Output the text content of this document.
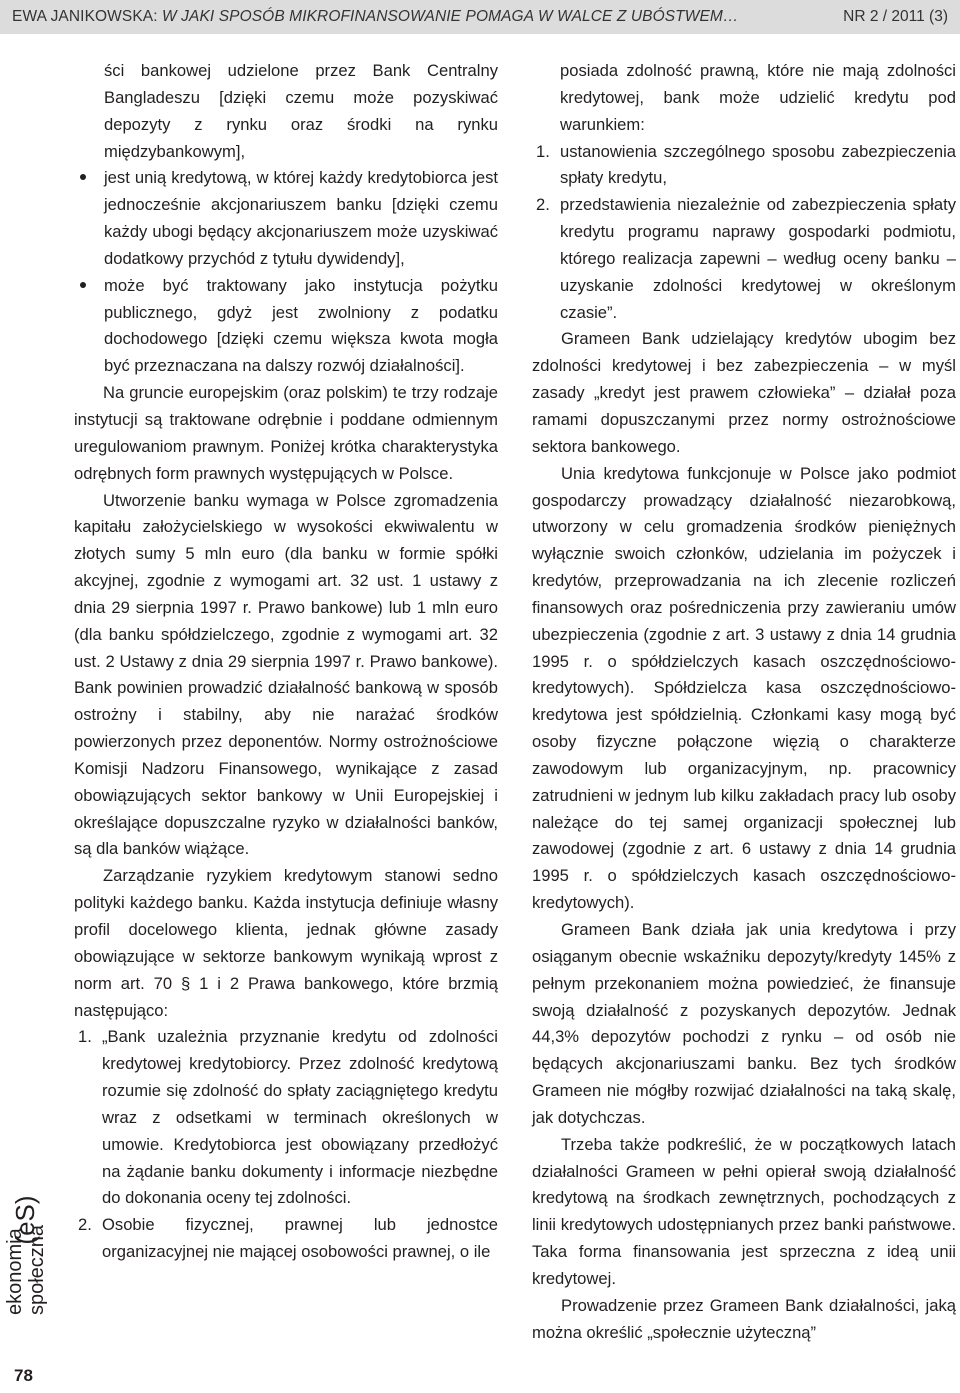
EWA JANIKOWSKA: W JAKI SPOSÓB MIKROFINANSOWANIE POMAGA W WALCE Z UBÓSTWEM…	NR 2 / 2011 (3)
ści bankowej udzielone przez Bank Centralny Bangladeszu [dzięki czemu może pozyskiwać depozyty z rynku oraz środki na rynku międzybankowym],
jest unią kredytową, w której każdy kredytobiorca jest jednocześnie akcjonariuszem banku [dzięki czemu każdy ubogi będący akcjonariuszem może uzyskiwać dodatkowy przychód z tytułu dywidendy],
może być traktowany jako instytucja pożytku publicznego, gdyż jest zwolniony z podatku dochodowego [dzięki czemu większa kwota mogła być przeznaczana na dalszy rozwój działalności].

Na gruncie europejskim (oraz polskim) te trzy rodzaje instytucji są traktowane odrębnie i poddane odmiennym uregulowaniom prawnym. Poniżej krótka charakterystyka odrębnych form prawnych występujących w Polsce.

Utworzenie banku wymaga w Polsce zgromadzenia kapitału założycielskiego w wysokości ekwiwalentu w złotych sumy 5 mln euro (dla banku w formie spółki akcyjnej, zgodnie z wymogami art. 32 ust. 1 ustawy z dnia 29 sierpnia 1997 r. Prawo bankowe) lub 1 mln euro (dla banku spółdzielczego, zgodnie z wymogami art. 32 ust. 2 Ustawy z dnia 29 sierpnia 1997 r. Prawo bankowe). Bank powinien prowadzić działalność bankową w sposób ostrożny i stabilny, aby nie narażać środków powierzonych przez deponentów. Normy ostrożnościowe Komisji Nadzoru Finansowego, wynikające z zasad obowiązujących sektor bankowy w Unii Europejskiej i określające dopuszczalne ryzyko w działalności banków, są dla banków wiążące.

Zarządzanie ryzykiem kredytowym stanowi sedno polityki każdego banku. Każda instytucja definiuje własny profil docelowego klienta, jednak główne zasady obowiązujące w sektorze bankowym wynikają wprost z norm art. 70 § 1 i 2 Prawa bankowego, które brzmią następująco:

1. „Bank uzależnia przyznanie kredytu od zdolności kredytowej kredytobiorcy. Przez zdolność kredytową rozumie się zdolność do spłaty zaciągniętego kredytu wraz z odsetkami w terminach określonych w umowie. Kredytobiorca jest obowiązany przedłożyć na żądanie banku dokumenty i informacje niezbędne do dokonania oceny tej zdolności.
2. Osobie fizycznej, prawnej lub jednostce organizacyjnej nie mającej osobowości prawnej, o ile
posiada zdolność prawną, które nie mają zdolności kredytowej, bank może udzielić kredytu pod warunkiem:
1. ustanowienia szczególnego sposobu zabezpieczenia spłaty kredytu,
2. przedstawienia niezależnie od zabezpieczenia spłaty kredytu programu naprawy gospodarki podmiotu, którego realizacja zapewni – według oceny banku – uzyskanie zdolności kredytowej w określonym czasie”.

Grameen Bank udzielający kredytów ubogim bez zdolności kredytowej i bez zabezpieczenia – w myśl zasady „kredyt jest prawem człowieka” – działał poza ramami dopuszczanymi przez normy ostrożnościowe sektora bankowego.

Unia kredytowa funkcjonuje w Polsce jako podmiot gospodarczy prowadzący działalność niezarobkową, utworzony w celu gromadzenia środków pieniężnych wyłącznie swoich członków, udzielania im pożyczek i kredytów, przeprowadzania na ich zlecenie rozliczeń finansowych oraz pośredniczenia przy zawieraniu umów ubezpieczenia (zgodnie z art. 3 ustawy z dnia 14 grudnia 1995 r. o spółdzielczych kasach oszczędnościowo-kredytowych). Spółdzielcza kasa oszczędnościowo-kredytowa jest spółdzielnią. Członkami kasy mogą być osoby fizyczne połączone więzią o charakterze zawodowym lub organizacyjnym, np. pracownicy zatrudnieni w jednym lub kilku zakładach pracy lub osoby należące do tej samej organizacji społecznej lub zawodowej (zgodnie z art. 6 ustawy z dnia 14 grudnia 1995 r. o spółdzielczych kasach oszczędnościowo-kredytowych).

Grameen Bank działa jak unia kredytowa i przy osiąganym obecnie wskaźniku depozyty/kredyty 145% z pełnym przekonaniem można powiedzieć, że finansuje swoją działalność z pozyskanych depozytów. Jednak 44,3% depozytów pochodzi z rynku – od osób nie będących akcjonariuszami banku. Bez tych środków Grameen nie mógłby rozwijać działalności na taką skalę, jak dotychczas.

Trzeba także podkreślić, że w początkowych latach działalności Grameen w pełni opierał swoją działalność kredytową na środkach zewnętrznych, pochodzących z linii kredytowych udostępnianych przez banki państwowe. Taka forma finansowania jest sprzeczna z ideą unii kredytowej.

Prowadzenie przez Grameen Bank działalności, jaką można określić „społecznie użyteczną”

(eS)
ekonomia społeczna
78
